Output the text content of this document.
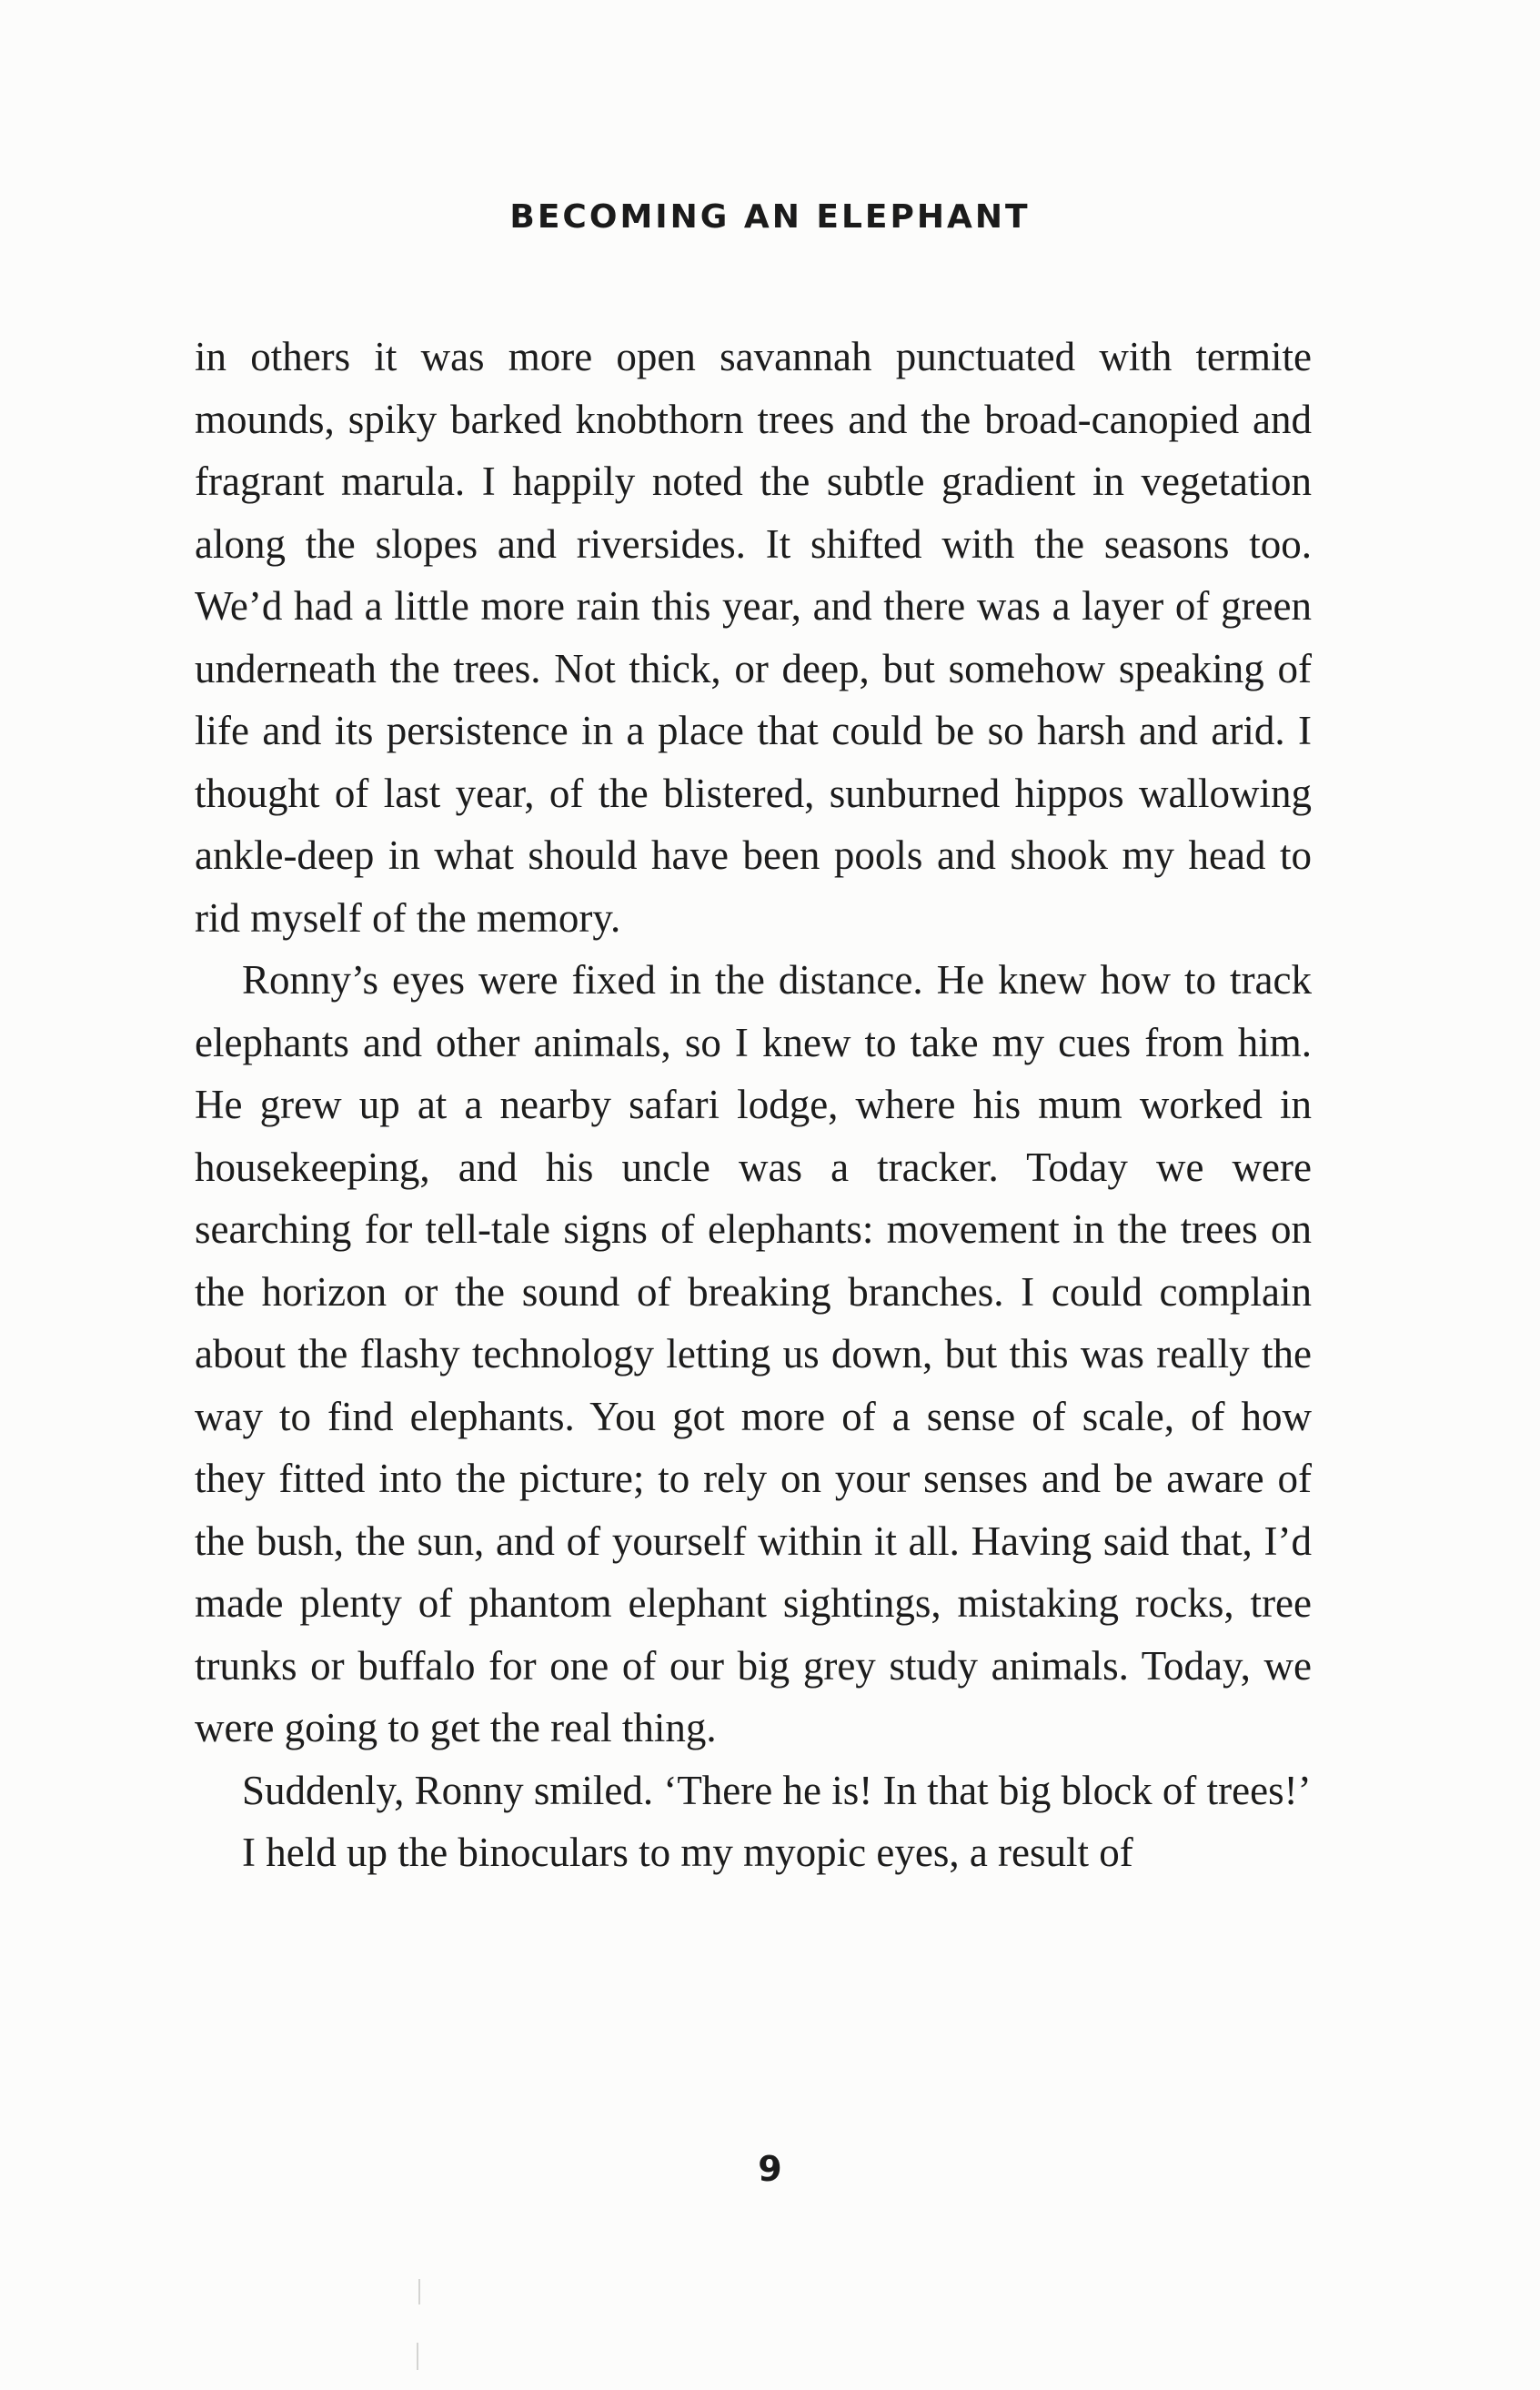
BECOMING AN ELEPHANT

in others it was more open savannah punctuated with termite mounds, spiky barked knobthorn trees and the broad-canopied and fragrant marula. I happily noted the subtle gradient in vegetation along the slopes and riversides. It shifted with the seasons too. We’d had a little more rain this year, and there was a layer of green underneath the trees. Not thick, or deep, but somehow speaking of life and its persistence in a place that could be so harsh and arid. I thought of last year, of the blistered, sunburned hippos wallowing ankle-deep in what should have been pools and shook my head to rid myself of the memory.

Ronny’s eyes were fixed in the distance. He knew how to track elephants and other animals, so I knew to take my cues from him. He grew up at a nearby safari lodge, where his mum worked in housekeeping, and his uncle was a tracker. Today we were searching for tell-tale signs of elephants: movement in the trees on the horizon or the sound of breaking branches. I could complain about the flashy technology letting us down, but this was really the way to find elephants. You got more of a sense of scale, of how they fitted into the picture; to rely on your senses and be aware of the bush, the sun, and of yourself within it all. Having said that, I’d made plenty of phantom elephant sightings, mistaking rocks, tree trunks or buffalo for one of our big grey study animals. Today, we were going to get the real thing.

Suddenly, Ronny smiled. ‘There he is! In that big block of trees!’

I held up the binoculars to my myopic eyes, a result of

9
